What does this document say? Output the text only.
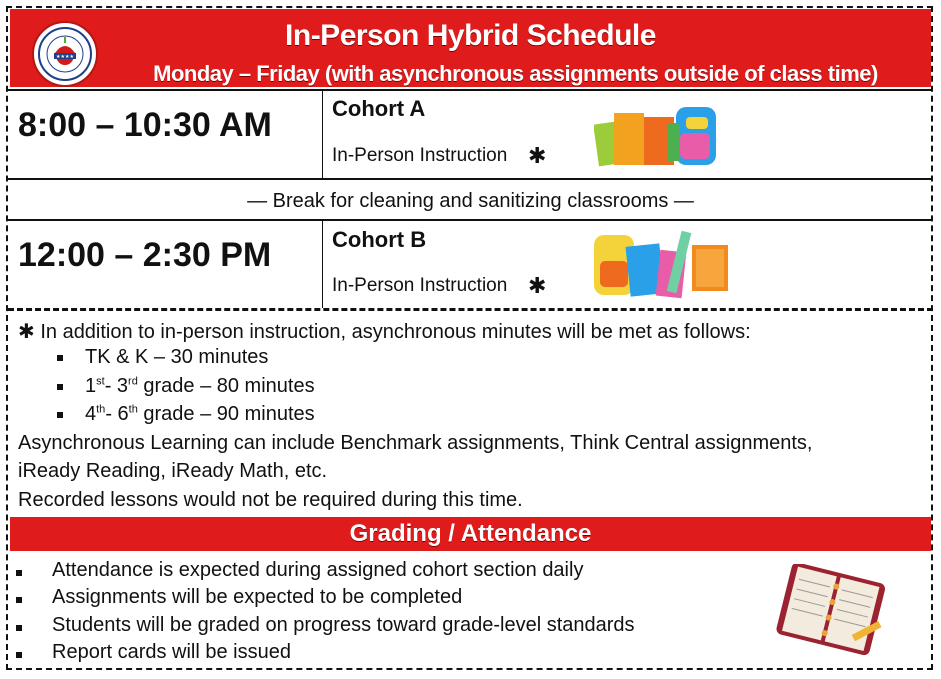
In-Person Hybrid Schedule
Monday – Friday (with asynchronous assignments outside of class time)
★★★★
8:00 – 10:30 AM	Cohort A
In-Person Instruction ✱
— Break for cleaning and sanitizing classrooms —
12:00 – 2:30 PM	Cohort B
In-Person Instruction ✱
✱ In addition to in-person instruction, asynchronous minutes will be met as follows:
TK & K – 30 minutes
1st- 3rd grade – 80 minutes
4th- 6th grade – 90 minutes
Asynchronous Learning can include Benchmark assignments, Think Central assignments,
iReady Reading, iReady Math, etc.
Recorded lessons would not be required during this time.
Grading / Attendance
Attendance is expected during assigned cohort section daily
Assignments will be expected to be completed
Students will be graded on progress toward grade-level standards
Report cards will be issued
